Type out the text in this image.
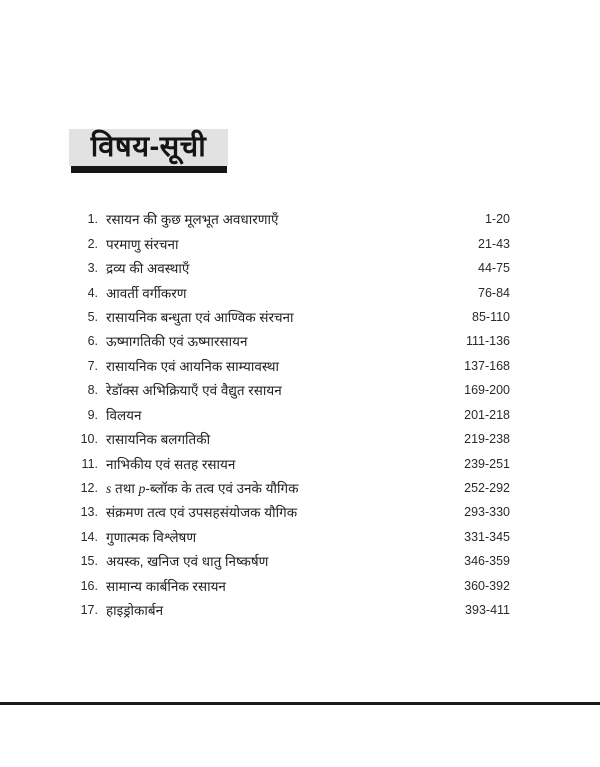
विषय-सूची
1. रसायन की कुछ मूलभूत अवधारणाएँ	1-20
2. परमाणु संरचना	21-43
3. द्रव्य की अवस्थाएँ	44-75
4. आवर्ती वर्गीकरण	76-84
5. रासायनिक बन्धुता एवं आण्विक संरचना	85-110
6. ऊष्मागतिकी एवं ऊष्मारसायन	111-136
7. रासायनिक एवं आयनिक साम्यावस्था	137-168
8. रेडॉक्स अभिक्रियाएँ एवं वैद्युत रसायन	169-200
9. विलयन	201-218
10. रासायनिक बलगतिकी	219-238
11. नाभिकीय एवं सतह रसायन	239-251
12. s तथा p-ब्लॉक के तत्व एवं उनके यौगिक	252-292
13. संक्रमण तत्व एवं उपसहसंयोजक यौगिक	293-330
14. गुणात्मक विश्लेषण	331-345
15. अयस्क, खनिज एवं धातु निष्कर्षण	346-359
16. सामान्य कार्बनिक रसायन	360-392
17. हाइड्रोकार्बन	393-411
